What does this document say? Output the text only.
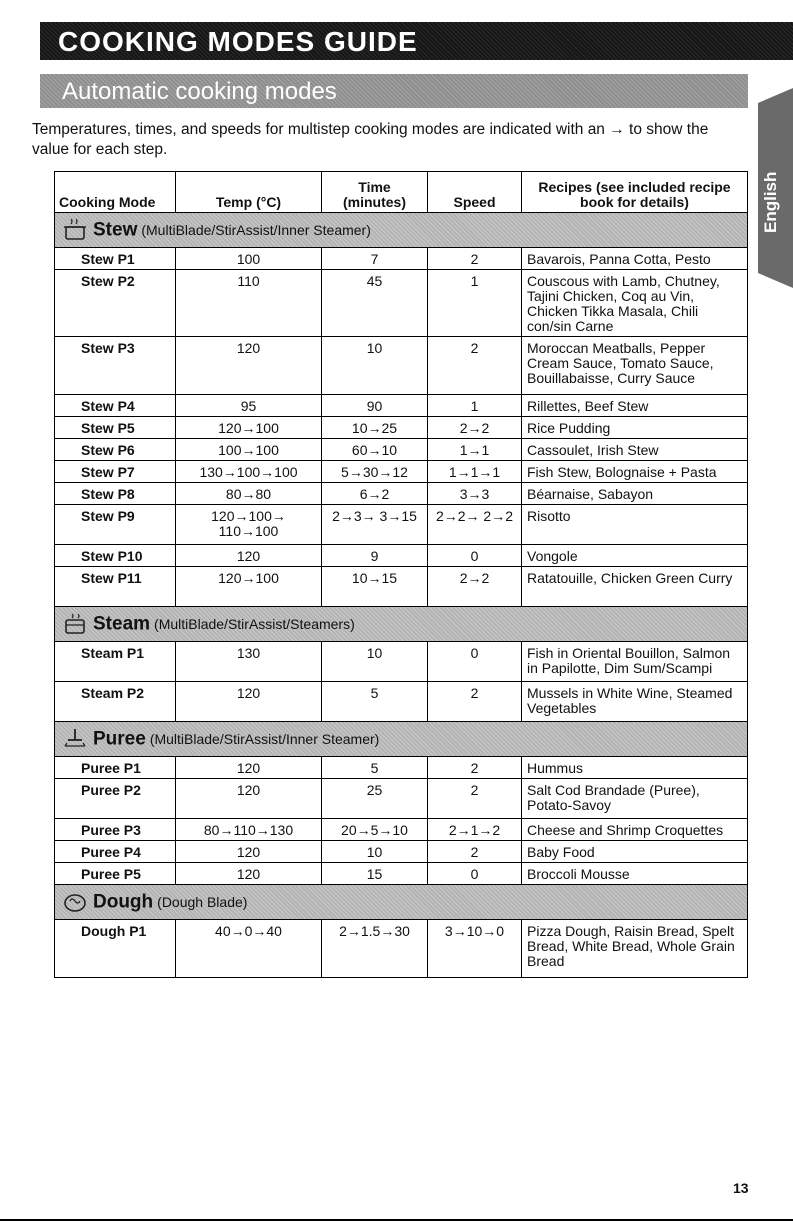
COOKING MODES GUIDE
Automatic cooking modes
Temperatures, times, and speeds for multistep cooking modes are indicated with an → to show the value for each step.
English
Cooking Mode	Temp (°C)	Time (minutes)	Speed	Recipes (see included recipe book for details)
Stew (MultiBlade/StirAssist/Inner Steamer)				
Stew P1	100	7	2	Bavarois, Panna Cotta, Pesto
Stew P2	110	45	1	Couscous with Lamb, Chutney, Tajini Chicken, Coq au Vin, Chicken Tikka Masala, Chili con/sin Carne
Stew P3	120	10	2	Moroccan Meatballs, Pepper Cream Sauce, Tomato Sauce, Bouillabaisse, Curry Sauce
Stew P4	95	90	1	Rillettes, Beef Stew
Stew P5	120→100	10→25	2→2	Rice Pudding
Stew P6	100→100	60→10	1→1	Cassoulet, Irish Stew
Stew P7	130→100→100	5→30→12	1→1→1	Fish Stew, Bolognaise + Pasta
Stew P8	80→80	6→2	3→3	Béarnaise, Sabayon
Stew P9	120→100→ 110→100	2→3→ 3→15	2→2→ 2→2	Risotto
Stew P10	120	9	0	Vongole
Stew P11	120→100	10→15	2→2	Ratatouille, Chicken Green Curry
Steam (MultiBlade/StirAssist/Steamers)				
Steam P1	130	10	0	Fish in Oriental Bouillon, Salmon in Papilotte, Dim Sum/Scampi
Steam P2	120	5	2	Mussels in White Wine, Steamed Vegetables
Puree (MultiBlade/StirAssist/Inner Steamer)				
Puree P1	120	5	2	Hummus
Puree P2	120	25	2	Salt Cod Brandade (Puree), Potato-Savoy
Puree P3	80→110→130	20→5→10	2→1→2	Cheese and Shrimp Croquettes
Puree P4	120	10	2	Baby Food
Puree P5	120	15	0	Broccoli Mousse
Dough (Dough Blade)				
Dough P1	40→0→40	2→1.5→30	3→10→0	Pizza Dough, Raisin Bread, Spelt Bread, White Bread, Whole Grain Bread
13
